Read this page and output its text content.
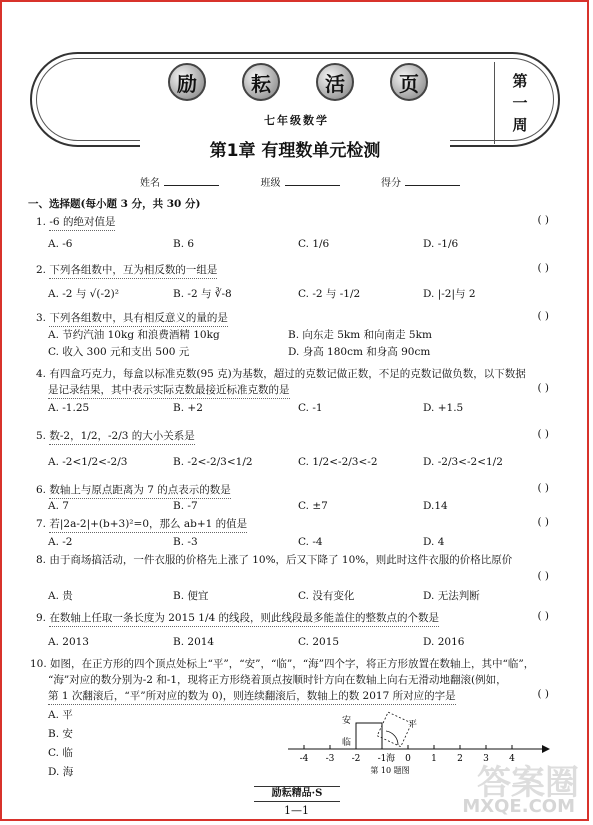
励	耘	活	页	第
一
周
七年级数学
第1章 有理数单元检测
姓名	班级	得分
一、选择题(每小题 3 分，共 30 分)
1. -6 的绝对值是	( )
A. -6	B. 6	C. 1/6	D. -1/6
2. 下列各组数中，互为相反数的一组是	( )
A. -2 与 √(-2)²	B. -2 与 ∛-8	C. -2 与 -1/2	D. |-2|与 2
3. 下列各组数中，具有相反意义的量的是	( )
A. 节约汽油 10kg 和浪费酒精 10kg	B. 向东走 5km 和向南走 5km
C. 收入 300 元和支出 500 元	D. 身高 180cm 和身高 90cm
4. 有四盒巧克力，每盒以标准克数(95 克)为基数，超过的克数记做正数，不足的克数记做负数，以下数据
是记录结果，其中表示实际克数最接近标准克数的是	( )
A. -1.25	B. +2	C. -1	D. +1.5
5. 数-2，1/2，-2/3 的大小关系是	( )
A. -2<1/2<-2/3	B. -2<-2/3<1/2	C. 1/2<-2/3<-2	D. -2/3<-2<1/2
6. 数轴上与原点距离为 7 的点表示的数是	( )
A. 7	B. -7	C. ±7	D.14
7. 若|2a-2|+(b+3)²=0，那么 ab+1 的值是	( )
A. -2	B. -3	C. -4	D. 4
8. 由于商场搞活动，一件衣服的价格先上涨了 10%，后又下降了 10%，则此时这件衣服的价格比原价
( )
A. 贵	B. 便宜	C. 没有变化	D. 无法判断
9. 在数轴上任取一条长度为 2015 1/4 的线段，则此线段最多能盖住的整数点的个数是	( )
A. 2013	B. 2014	C. 2015	D. 2016
10. 如图，在正方形的四个顶点处标上“平”，“安”，“临”，“海”四个字，将正方形放置在数轴上，其中“临”，
“海”对应的数分别为-2 和-1，现将正方形绕着顶点按顺时针方向在数轴上向右无滑动地翻滚(例如，
第 1 次翻滚后，“平”所对应的数为 0)，则连续翻滚后，数轴上的数 2017 所对应的字是	( )
A. 平
B. 安
C. 临
D. 海
-4 -3 -2 -1 0 1 2 3 4
安
临
平
海
第 10 题图
励耘精品·S
1—1
答案圈
MXQE.COM
